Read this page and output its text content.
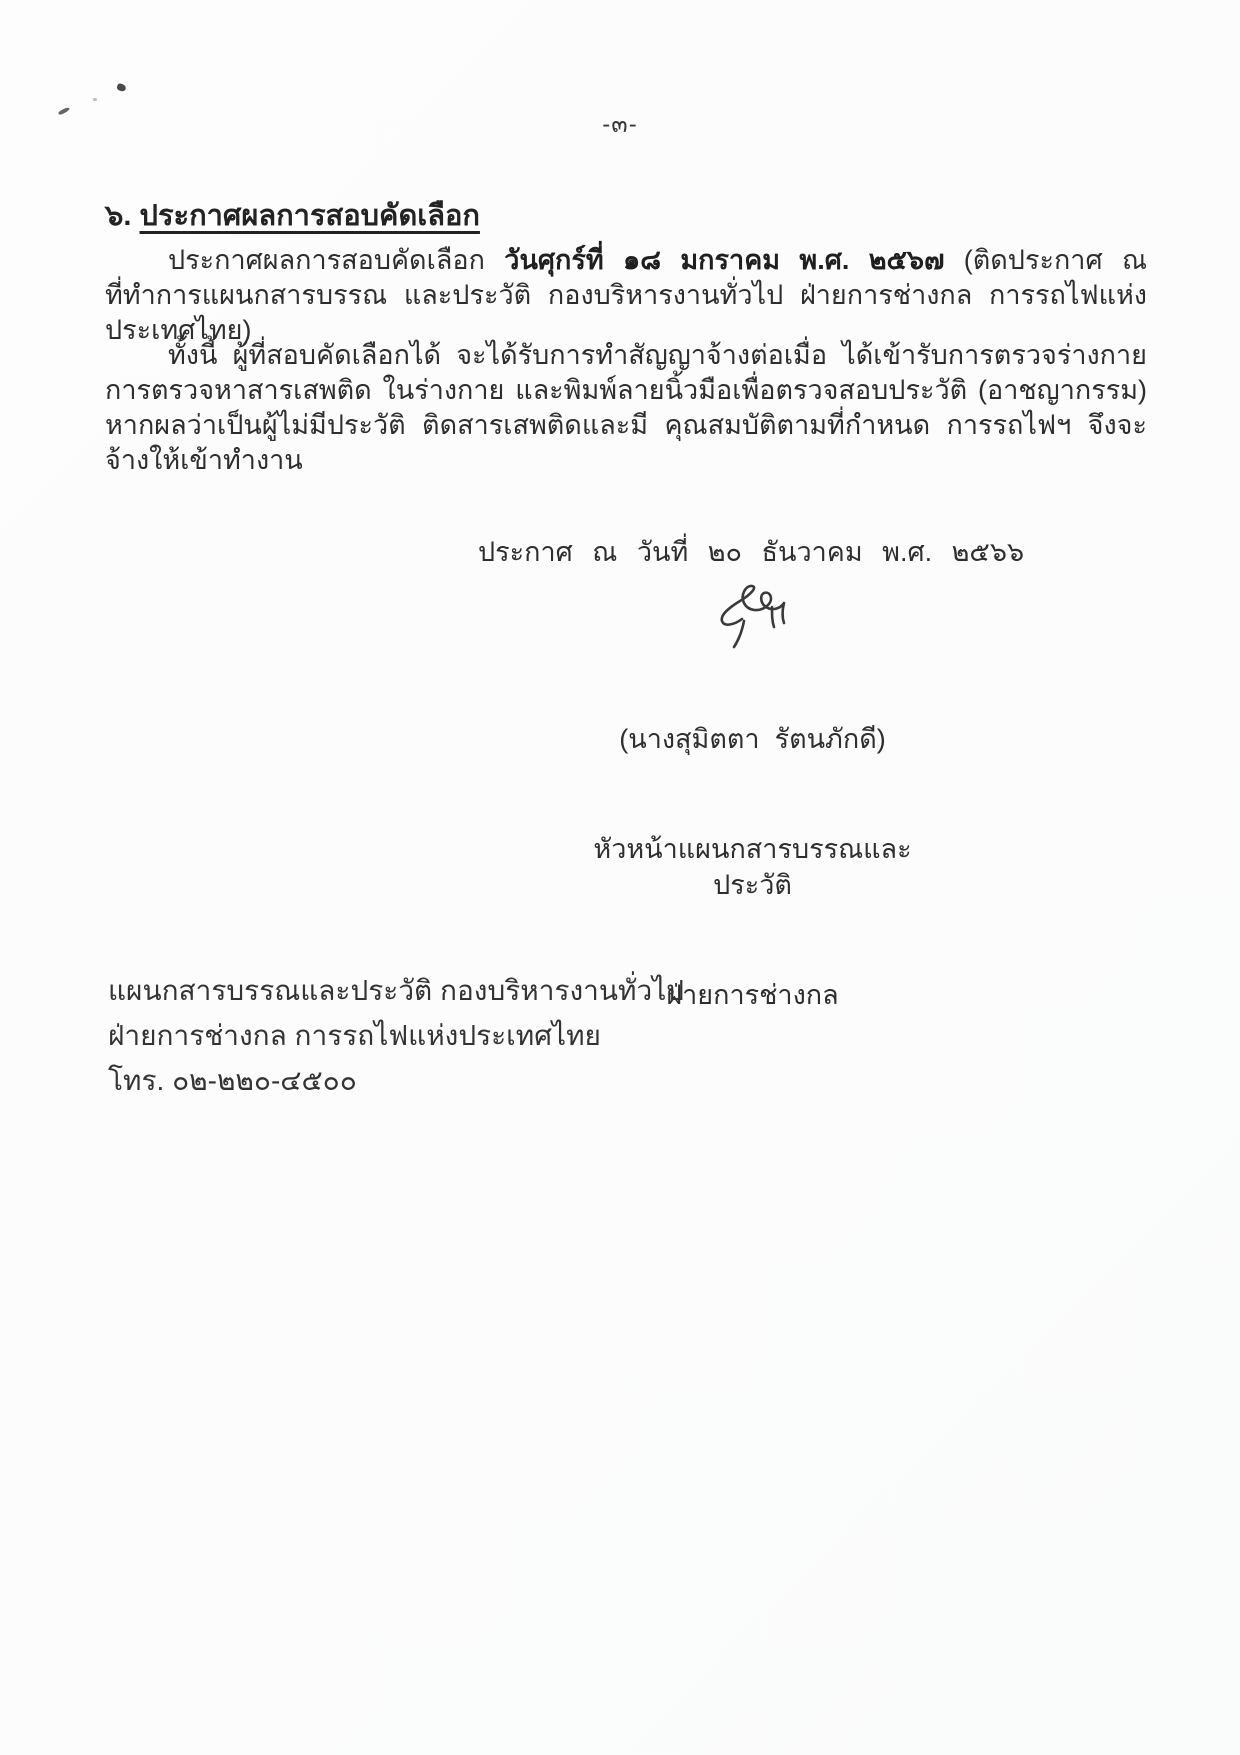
-๓-
๖. ประกาศผลการสอบคัดเลือก
ประกาศผลการสอบคัดเลือก วันศุกร์ที่ ๑๘ มกราคม พ.ศ. ๒๕๖๗ (ติดประกาศ ณ ที่ทำการแผนกสารบรรณ และประวัติ กองบริหารงานทั่วไป ฝ่ายการช่างกล การรถไฟแห่งประเทศไทย)
ทั้งนี้ ผู้ที่สอบคัดเลือกได้ จะได้รับการทำสัญญาจ้างต่อเมื่อ ได้เข้ารับการตรวจร่างกาย การตรวจหาสารเสพติด ในร่างกาย และพิมพ์ลายนิ้วมือเพื่อตรวจสอบประวัติ (อาชญากรรม) หากผลว่าเป็นผู้ไม่มีประวัติ ติดสารเสพติดและมี คุณสมบัติตามที่กำหนด การรถไฟฯ จึงจะจ้างให้เข้าทำงาน
ประกาศ ณ วันที่ ๒๐ ธันวาคม พ.ศ. ๒๕๖๖

(นางสุมิตตา  รัตนภักดี)

หัวหน้าแผนกสารบรรณและประวัติ

ฝ่ายการช่างกล

แผนกสารบรรณและประวัติ กองบริหารงานทั่วไป
ฝ่ายการช่างกล การรถไฟแห่งประเทศไทย
โทร. ๐๒-๒๒๐-๔๕๐๐
